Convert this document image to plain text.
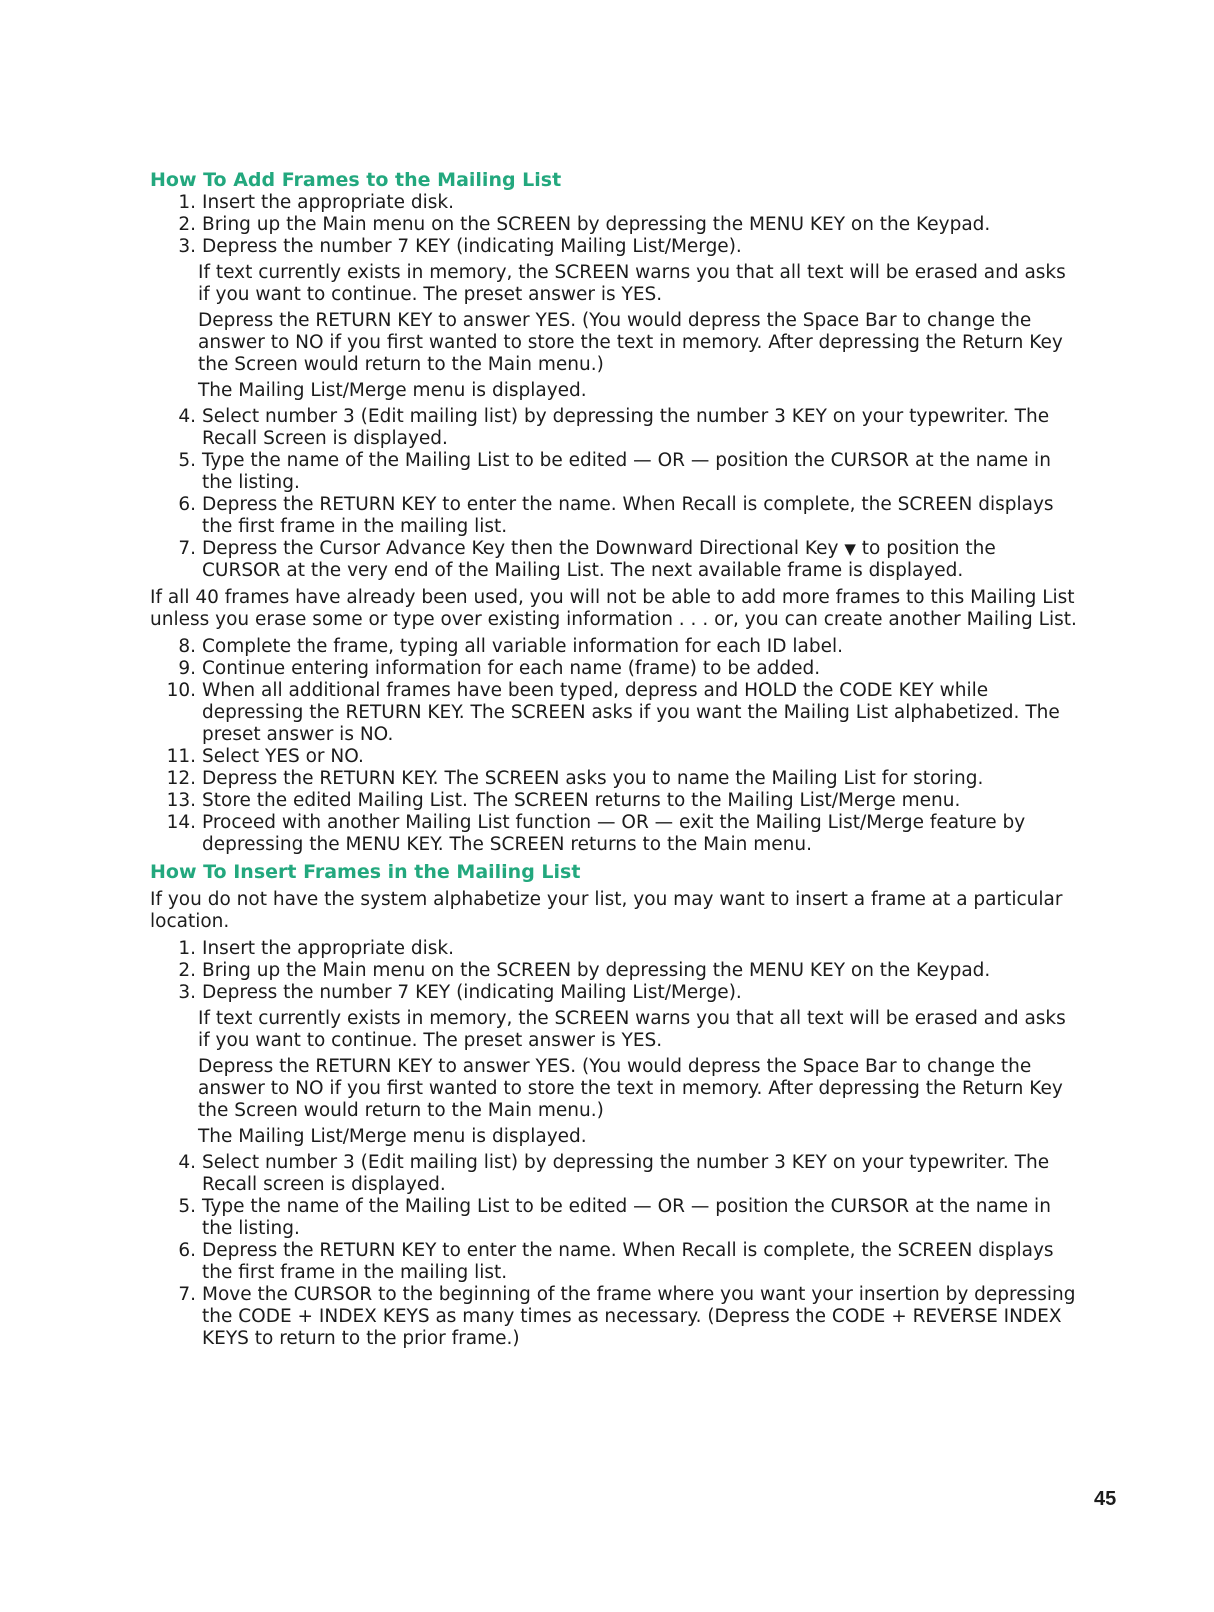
How To Add Frames to the Mailing List
1. Insert the appropriate disk.
2. Bring up the Main menu on the SCREEN by depressing the MENU KEY on the Keypad.
3. Depress the number 7 KEY (indicating Mailing List/Merge).

If text currently exists in memory, the SCREEN warns you that all text will be erased and asks if you want to continue. The preset answer is YES.

Depress the RETURN KEY to answer YES. (You would depress the Space Bar to change the answer to NO if you first wanted to store the text in memory. After depressing the Return Key the Screen would return to the Main menu.)

The Mailing List/Merge menu is displayed.

4. Select number 3 (Edit mailing list) by depressing the number 3 KEY on your typewriter. The Recall Screen is displayed.
5. Type the name of the Mailing List to be edited — OR — position the CURSOR at the name in the listing.
6. Depress the RETURN KEY to enter the name. When Recall is complete, the SCREEN displays the first frame in the mailing list.
7. Depress the Cursor Advance Key then the Downward Directional Key ▼ to position the CURSOR at the very end of the Mailing List. The next available frame is displayed.

If all 40 frames have already been used, you will not be able to add more frames to this Mailing List unless you erase some or type over existing information . . . or, you can create another Mailing List.

8. Complete the frame, typing all variable information for each ID label.
9. Continue entering information for each name (frame) to be added.
10. When all additional frames have been typed, depress and HOLD the CODE KEY while depressing the RETURN KEY. The SCREEN asks if you want the Mailing List alphabetized. The preset answer is NO.
11. Select YES or NO.
12. Depress the RETURN KEY. The SCREEN asks you to name the Mailing List for storing.
13. Store the edited Mailing List. The SCREEN returns to the Mailing List/Merge menu.
14. Proceed with another Mailing List function — OR — exit the Mailing List/Merge feature by depressing the MENU KEY. The SCREEN returns to the Main menu.
How To Insert Frames in the Mailing List

If you do not have the system alphabetize your list, you may want to insert a frame at a particular location.

1. Insert the appropriate disk.
2. Bring up the Main menu on the SCREEN by depressing the MENU KEY on the Keypad.
3. Depress the number 7 KEY (indicating Mailing List/Merge).

If text currently exists in memory, the SCREEN warns you that all text will be erased and asks if you want to continue. The preset answer is YES.

Depress the RETURN KEY to answer YES. (You would depress the Space Bar to change the answer to NO if you first wanted to store the text in memory. After depressing the Return Key the Screen would return to the Main menu.)

The Mailing List/Merge menu is displayed.

4. Select number 3 (Edit mailing list) by depressing the number 3 KEY on your typewriter. The Recall screen is displayed.
5. Type the name of the Mailing List to be edited — OR — position the CURSOR at the name in the listing.
6. Depress the RETURN KEY to enter the name. When Recall is complete, the SCREEN displays the first frame in the mailing list.
7. Move the CURSOR to the beginning of the frame where you want your insertion by depressing the CODE + INDEX KEYS as many times as necessary. (Depress the CODE + REVERSE INDEX KEYS to return to the prior frame.)
45
